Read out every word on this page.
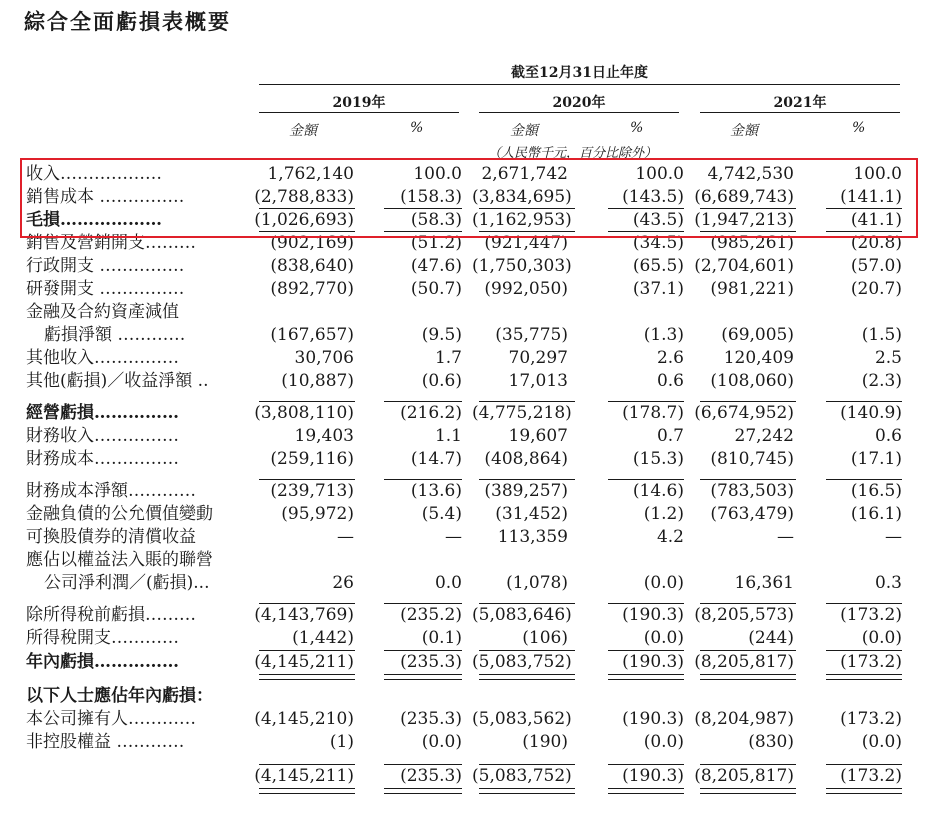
綜合全面虧損表概要
截至12月31日止年度
2019年	2020年	2021年
金額	%	金額	%	金額	%
（人民幣千元，百分比除外）
收入………………	1,762,140	100.0	2,671,742	100.0	4,742,530	100.0
銷售成本 ……………	(2,788,833)	(158.3) (3,834,695)	(143.5) (6,689,743)	(141.1)
毛損………………	(1,026,693)	(58.3) (1,162,953)	(43.5) (1,947,213)	(41.1)
銷售及營銷開支………	(902,169)	(51.2)	(921,447)	(34.5)	(985,261)	(20.8)
行政開支 ……………	(838,640)	(47.6) (1,750,303)	(65.5) (2,704,601)	(57.0)
研發開支 ……………	(892,770)	(50.7)	(992,050)	(37.1)	(981,221)	(20.7)
金融及合約資產減值
虧損淨額 …………	(167,657)	(9.5)	(35,775)	(1.3)	(69,005)	(1.5)
其他收入……………	30,706	1.7	70,297	2.6	120,409	2.5
其他(虧損)／收益淨額 ..	(10,887)	(0.6)	17,013	0.6	(108,060)	(2.3)
經營虧損……………	(3,808,110)	(216.2) (4,775,218)	(178.7) (6,674,952)	(140.9)
財務收入……………	19,403	1.1	19,607	0.7	27,242	0.6
財務成本……………	(259,116)	(14.7)	(408,864)	(15.3)	(810,745)	(17.1)
財務成本淨額…………	(239,713)	(13.6)	(389,257)	(14.6)	(783,503)	(16.5)
金融負債的公允價值變動	(95,972)	(5.4)	(31,452)	(1.2)	(763,479)	(16.1)
可換股債券的清償收益	—	—	113,359	4.2	—	—
應佔以權益法入賬的聯營
公司淨利潤／(虧損)...	26	0.0	(1,078)	(0.0)	16,361	0.3
除所得稅前虧損………	(4,143,769)	(235.2) (5,083,646)	(190.3) (8,205,573)	(173.2)
所得稅開支…………	(1,442)	(0.1)	(106)	(0.0)	(244)	(0.0)
年內虧損……………	(4,145,211)	(235.3) (5,083,752)	(190.3) (8,205,817)	(173.2)
以下人士應佔年內虧損：
本公司擁有人…………	(4,145,210)	(235.3) (5,083,562)	(190.3) (8,204,987)	(173.2)
非控股權益 …………	(1)	(0.0)	(190)	(0.0)	(830)	(0.0)
(4,145,211)	(235.3) (5,083,752)	(190.3) (8,205,817)	(173.2)
